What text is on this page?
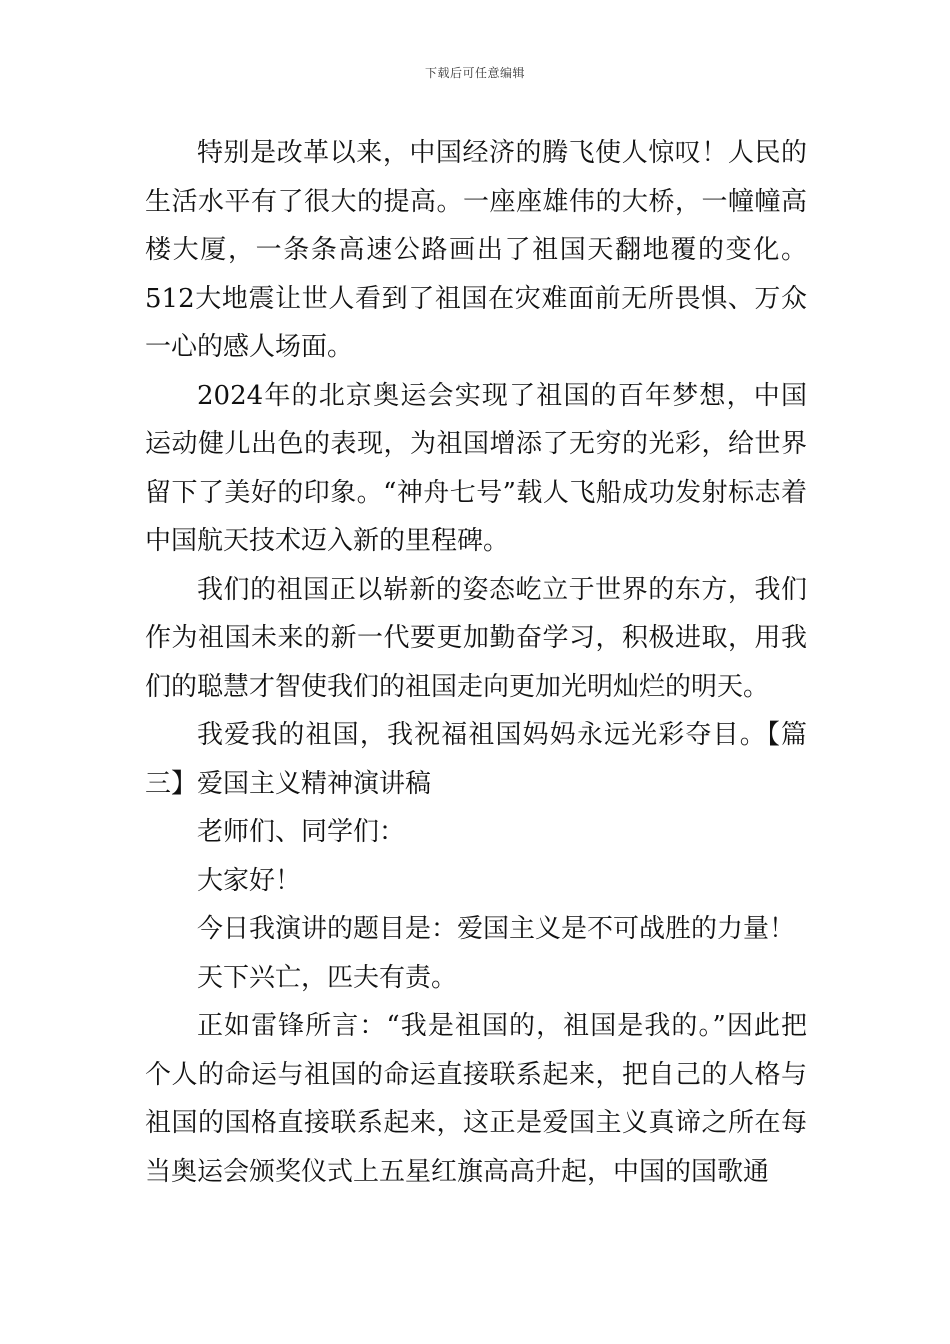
下载后可任意编辑

特别是改革以来，中国经济的腾飞使人惊叹！人民的生活水平有了很大的提高。一座座雄伟的大桥，一幢幢高楼大厦，一条条高速公路画出了祖国天翻地覆的变化。512大地震让世人看到了祖国在灾难面前无所畏惧、万众一心的感人场面。

2024年的北京奥运会实现了祖国的百年梦想，中国运动健儿出色的表现，为祖国增添了无穷的光彩，给世界留下了美好的印象。“神舟七号”载人飞船成功发射标志着中国航天技术迈入新的里程碑。

我们的祖国正以崭新的姿态屹立于世界的东方，我们作为祖国未来的新一代要更加勤奋学习，积极进取，用我们的聪慧才智使我们的祖国走向更加光明灿烂的明天。

我爱我的祖国，我祝福祖国妈妈永远光彩夺目。【篇三】爱国主义精神演讲稿

老师们、同学们：

大家好！

今日我演讲的题目是：爱国主义是不可战胜的力量！

天下兴亡，匹夫有责。

正如雷锋所言：“我是祖国的，祖国是我的。”因此把个人的命运与祖国的命运直接联系起来，把自己的人格与祖国的国格直接联系起来，这正是爱国主义真谛之所在每当奥运会颁奖仪式上五星红旗高高升起，中国的国歌通
